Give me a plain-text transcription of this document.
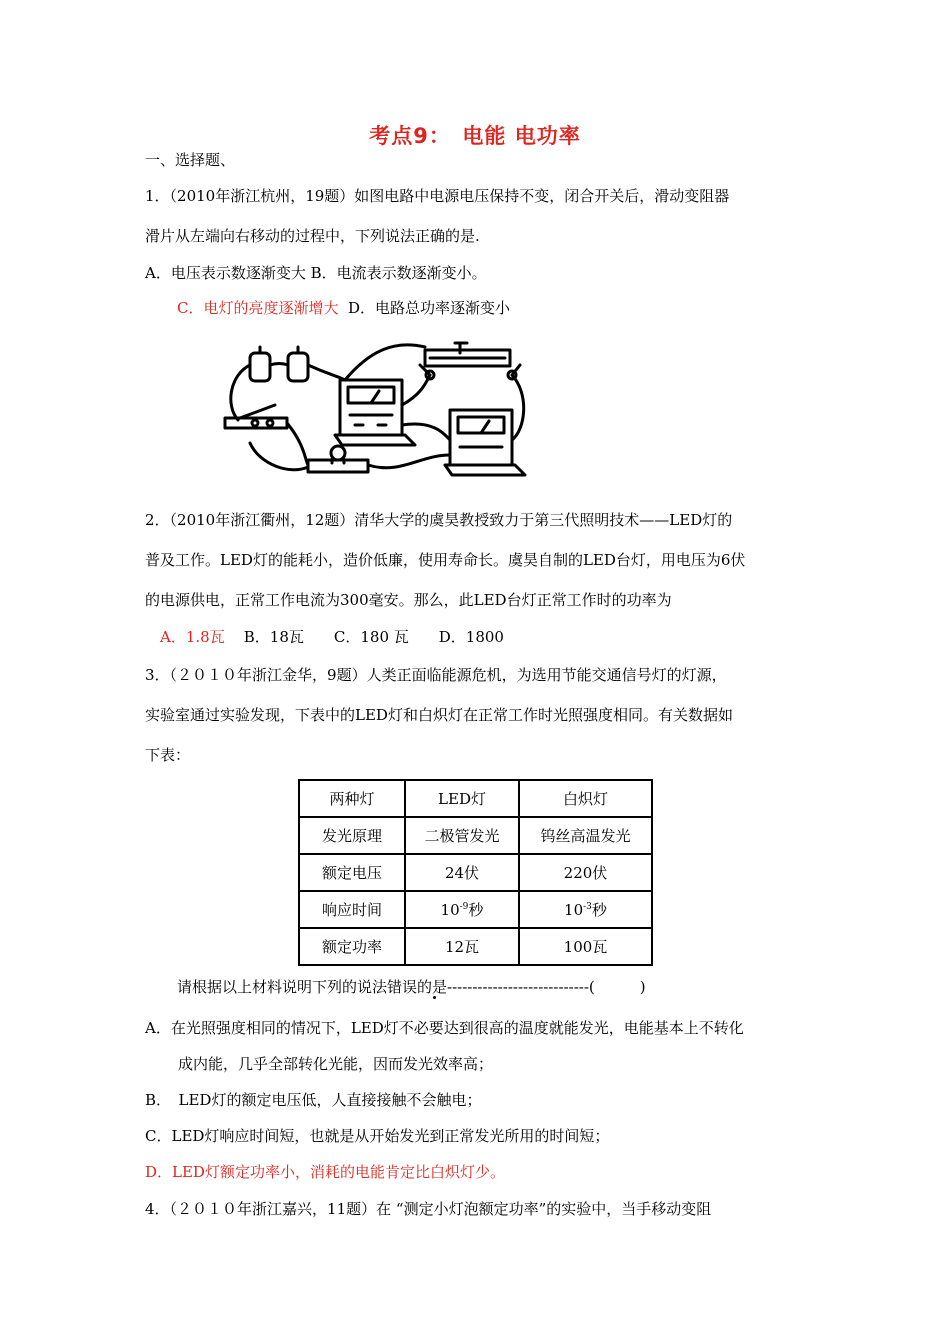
考点9：　电能 电功率
一、选择题、
1．（2010年浙江杭州，19题）如图电路中电源电压保持不变，闭合开关后，滑动变阻器
滑片从左端向右移动的过程中，下列说法正确的是.
A．电压表示数逐渐变大 B．电流表示数逐渐变小。
C．电灯的亮度逐渐增大 D．电路总功率逐渐变小
2．（2010年浙江衢州，12题）清华大学的虞昊教授致力于第三代照明技术——LED灯的
普及工作。LED灯的能耗小，造价低廉，使用寿命长。虞昊自制的LED台灯，用电压为6伏
的电源供电，正常工作电流为300毫安。那么，此LED台灯正常工作时的功率为
A．1.8瓦 B．18瓦　　C．180 瓦　　D．1800
3．（２０１０年浙江金华，9题）人类正面临能源危机，为选用节能交通信号灯的灯源，
实验室通过实验发现，下表中的LED灯和白炽灯在正常工作时光照强度相同。有关数据如
下表：
两种灯	LED灯	白炽灯
发光原理	二极管发光	钨丝高温发光
额定电压	24伏	220伏
响应时间	$10^{-9}$秒	$10^{-3}$秒
额定功率	12瓦	100瓦
请根据以上材料说明下列的说法错误的是----------------------------(　　　)
A．在光照强度相同的情况下，LED灯不必要达到很高的温度就能发光，电能基本上不转化
成内能，几乎全部转化光能，因而发光效率高；
B．　LED灯的额定电压低，人直接接触不会触电；
C．LED灯响应时间短，也就是从开始发光到正常发光所用的时间短；
D．LED灯额定功率小，消耗的电能肯定比白炽灯少。
4．（２０１０年浙江嘉兴，11题）在 “测定小灯泡额定功率”的实验中，当手移动变阻
